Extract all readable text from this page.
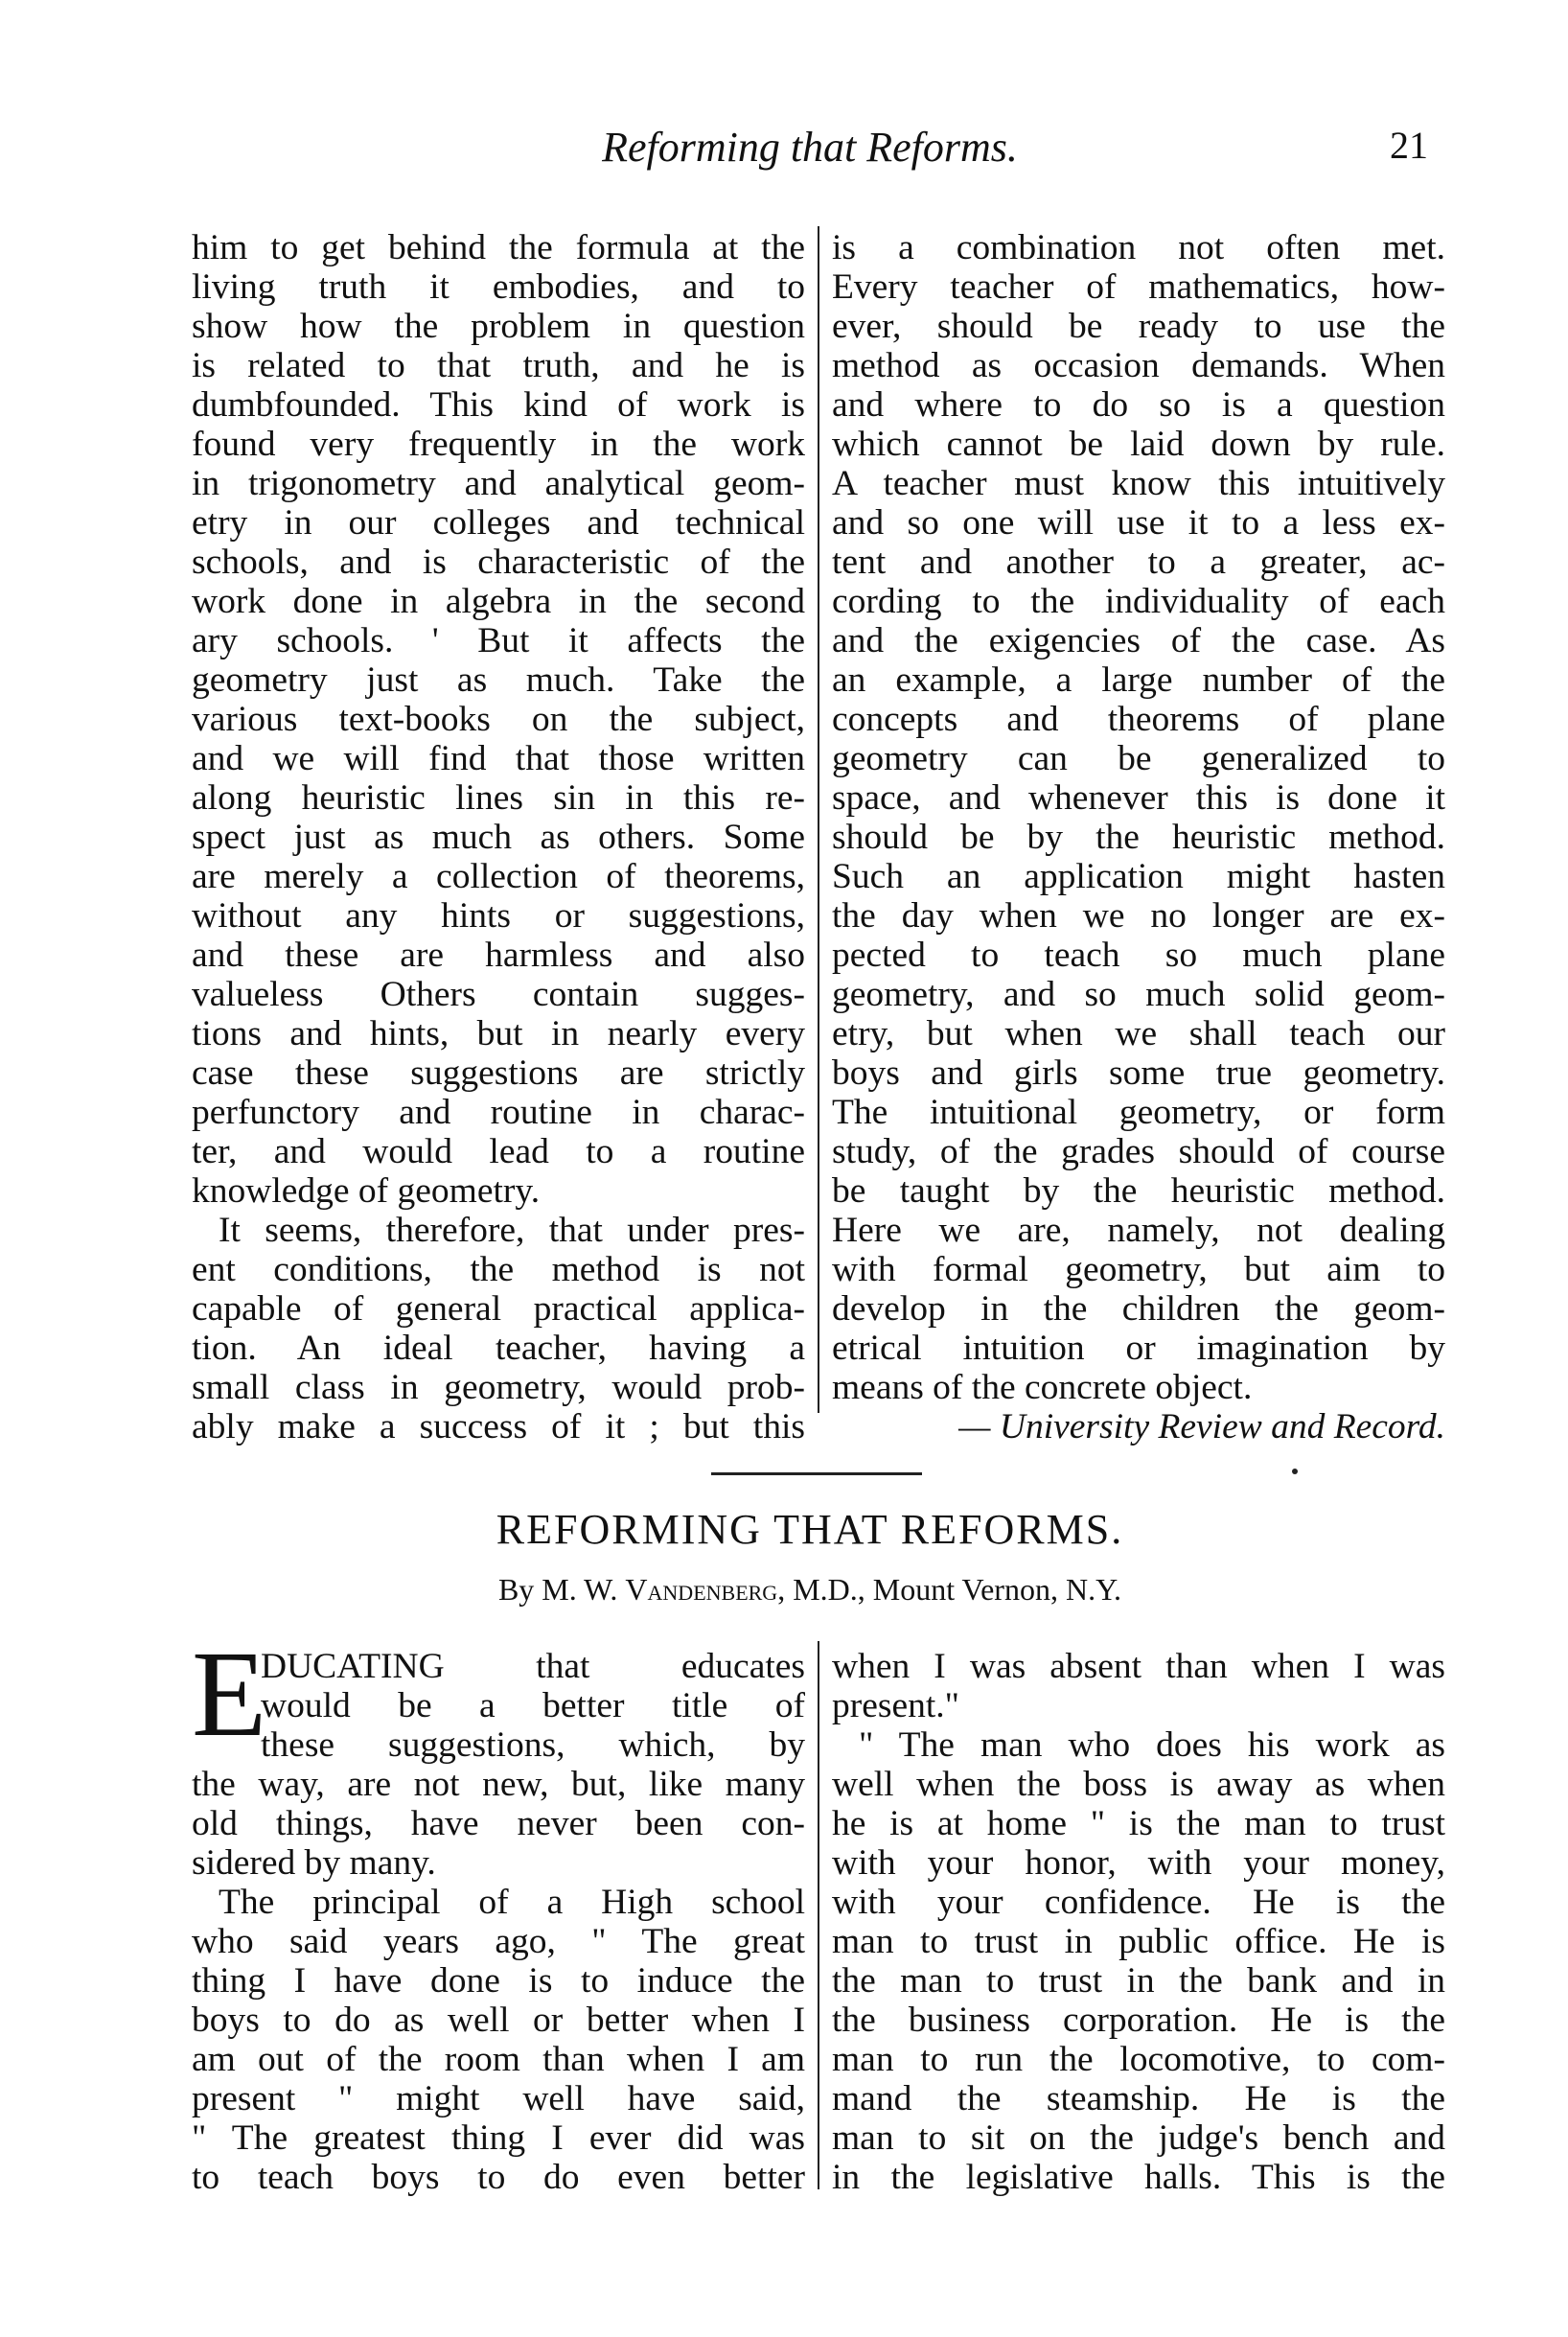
Reforming that Reforms.	21
him to get behind the formula at the
living truth it embodies, and to
show how the problem in question
is related to that truth, and he is
dumbfounded. This kind of work is
found very frequently in the work
in trigonometry and analytical geom-
etry in our colleges and technical
schools, and is characteristic of the
work done in algebra in the second
ary schools. ' But it affects the
geometry just as much. Take the
various text-books on the subject,
and we will find that those written
along heuristic lines sin in this re-
spect just as much as others. Some
are merely a collection of theorems,
without any hints or suggestions,
and these are harmless and also
valueless Others contain sugges-
tions and hints, but in nearly every
case these suggestions are strictly
perfunctory and routine in charac-
ter, and would lead to a routine
knowledge of geometry.
It seems, therefore, that under pres-
ent conditions, the method is not
capable of general practical applica-
tion. An ideal teacher, having a
small class in geometry, would prob-
ably make a success of it ; but this
is a combination not often met.
Every teacher of mathematics, how-
ever, should be ready to use the
method as occasion demands. When
and where to do so is a question
which cannot be laid down by rule.
A teacher must know this intuitively
and so one will use it to a less ex-
tent and another to a greater, ac-
cording to the individuality of each
and the exigencies of the case. As
an example, a large number of the
concepts and theorems of plane
geometry can be generalized to
space, and whenever this is done it
should be by the heuristic method.
Such an application might hasten
the day when we no longer are ex-
pected to teach so much plane
geometry, and so much solid geom-
etry, but when we shall teach our
boys and girls some true geometry.
The intuitional geometry, or form
study, of the grades should of course
be taught by the heuristic method.
Here we are, namely, not dealing
with formal geometry, but aim to
develop in the children the geom-
etrical intuition or imagination by
means of the concrete object.
— University Review and Record.
REFORMING THAT REFORMS.
By M. W. Vandenberg, M.D., Mount Vernon, N.Y.
E
DUCATING that educates
would be a better title of
these suggestions, which, by
the way, are not new, but, like many
old things, have never been con-
sidered by many.
The principal of a High school
who said years ago, " The great
thing I have done is to induce the
boys to do as well or better when I
am out of the room than when I am
present " might well have said,
" The greatest thing I ever did was
to teach boys to do even better
when I was absent than when I was
present."
" The man who does his work as
well when the boss is away as when
he is at home " is the man to trust
with your honor, with your money,
with your confidence. He is the
man to trust in public office. He is
the man to trust in the bank and in
the business corporation. He is the
man to run the locomotive, to com-
mand the steamship. He is the
man to sit on the judge's bench and
in the legislative halls. This is the
